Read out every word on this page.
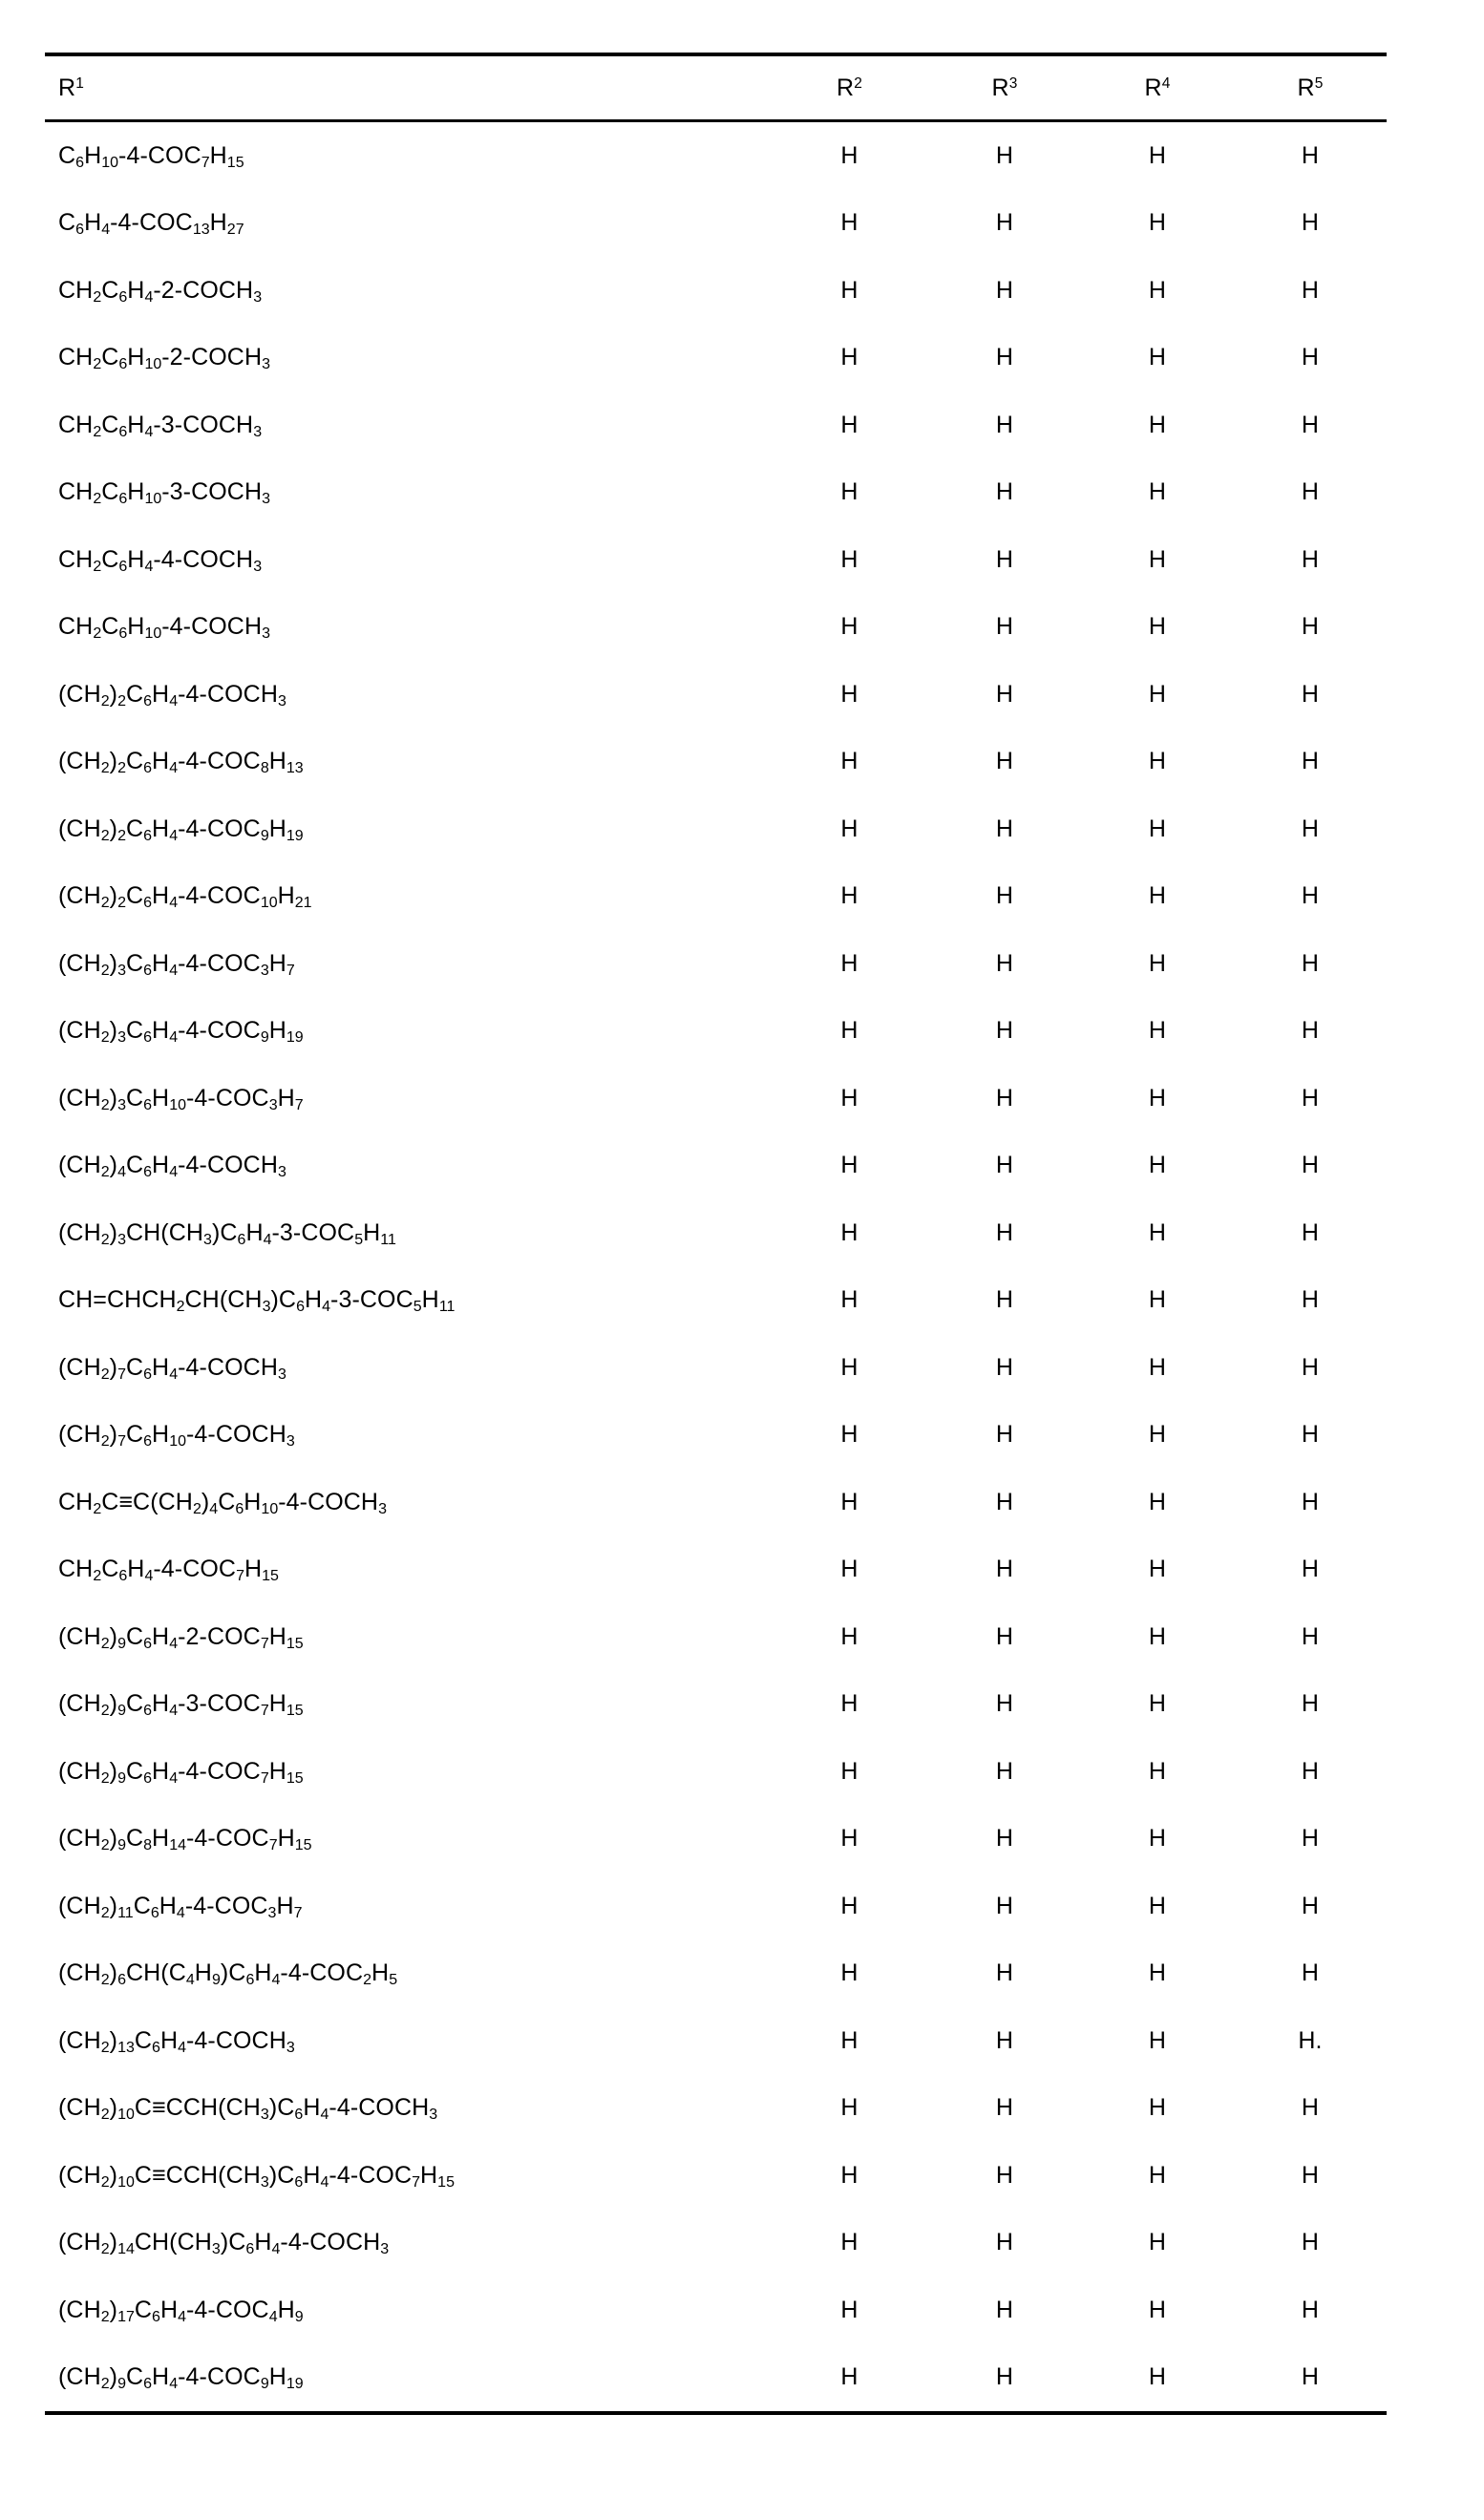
$R^1$	$R^2$	$R^3$	$R^4$	$R^5$
$C_6H_{10}-4-COC_7H_{15}$	H	H	H	H
$C_6H_4-4-COC_{13}H_{27}$	H	H	H	H
$CH_2C_6H_4-2-COCH_3$	H	H	H	H
$CH_2C_6H_{10}-2-COCH_3$	H	H	H	H
$CH_2C_6H_4-3-COCH_3$	H	H	H	H
$CH_2C_6H_{10}-3-COCH_3$	H	H	H	H
$CH_2C_6H_4-4-COCH_3$	H	H	H	H
$CH_2C_6H_{10}-4-COCH_3$	H	H	H	H
$(CH_2)_2C_6H_4-4-COCH_3$	H	H	H	H
$(CH_2)_2C_6H_4-4-COC_8H_{13}$	H	H	H	H
$(CH_2)_2C_6H_4-4-COC_9H_{19}$	H	H	H	H
$(CH_2)_2C_6H_4-4-COC_{10}H_{21}$	H	H	H	H
$(CH_2)_3C_6H_4-4-COC_3H_7$	H	H	H	H
$(CH_2)_3C_6H_4-4-COC_9H_{19}$	H	H	H	H
$(CH_2)_3C_6H_{10}-4-COC_3H_7$	H	H	H	H
$(CH_2)_4C_6H_4-4-COCH_3$	H	H	H	H
$(CH_2)_3CH(CH_3)C_6H_4-3-COC_5H_{11}$	H	H	H	H
$CH=CHCH_2CH(CH_3)C_6H_4-3-COC_5H_{11}$	H	H	H	H
$(CH_2)_7C_6H_4-4-COCH_3$	H	H	H	H
$(CH_2)_7C_6H_{10}-4-COCH_3$	H	H	H	H
$CH_2C\equiv C(CH_2)_4C_6H_{10}-4-COCH_3$	H	H	H	H
$CH_2C_6H_4-4-COC_7H_{15}$	H	H	H	H
$(CH_2)_9C_6H_4-2-COC_7H_{15}$	H	H	H	H
$(CH_2)_9C_6H_4-3-COC_7H_{15}$	H	H	H	H
$(CH_2)_9C_6H_4-4-COC_7H_{15}$	H	H	H	H
$(CH_2)_9C_8H_{14}-4-COC_7H_{15}$	H	H	H	H
$(CH_2)_{11}C_6H_4-4-COC_3H_7$	H	H	H	H
$(CH_2)_6CH(C_4H_9)C_6H_4-4-COC_2H_5$	H	H	H	H
$(CH_2)_{13}C_6H_4-4-COCH_3$	H	H	H	H.
$(CH_2)_{10}C\equiv CCH(CH_3)C_6H_4-4-COCH_3$	H	H	H	H
$(CH_2)_{10}C\equiv CCH(CH_3)C_6H_4-4-COC_7H_{15}$	H	H	H	H
$(CH_2)_{14}CH(CH_3)C_6H_4-4-COCH_3$	H	H	H	H
$(CH_2)_{17}C_6H_4-4-COC_4H_9$	H	H	H	H
$(CH_2)_9C_6H_4-4-COC_9H_{19}$	H	H	H	H
